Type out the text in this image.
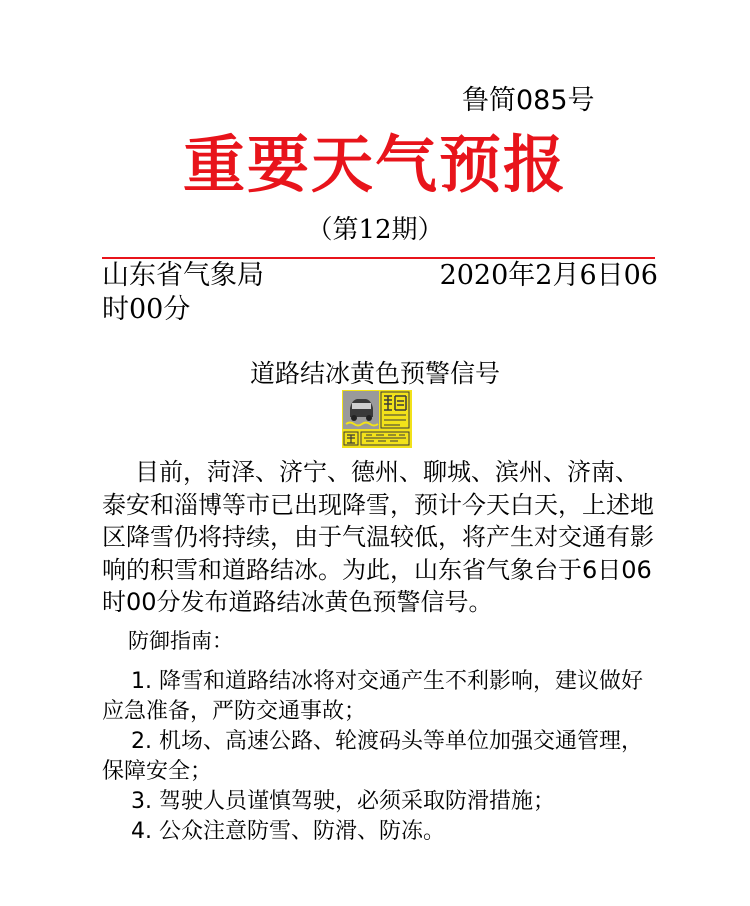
鲁简085号
重要天气预报
（第12期）
山东省气象局	2020年2月6日06
时00分
道路结冰黄色预警信号

目前，菏泽、济宁、德州、聊城、滨州、济南、泰安和淄博等市已出现降雪，预计今天白天，上述地区降雪仍将持续，由于气温较低，将产生对交通有影响的积雪和道路结冰。为此，山东省气象台于6日06时00分发布道路结冰黄色预警信号。

防御指南：

1. 降雪和道路结冰将对交通产生不利影响，建议做好应急准备，严防交通事故；

2. 机场、高速公路、轮渡码头等单位加强交通管理，保障安全；

3. 驾驶人员谨慎驾驶，必须采取防滑措施；

4. 公众注意防雪、防滑、防冻。
